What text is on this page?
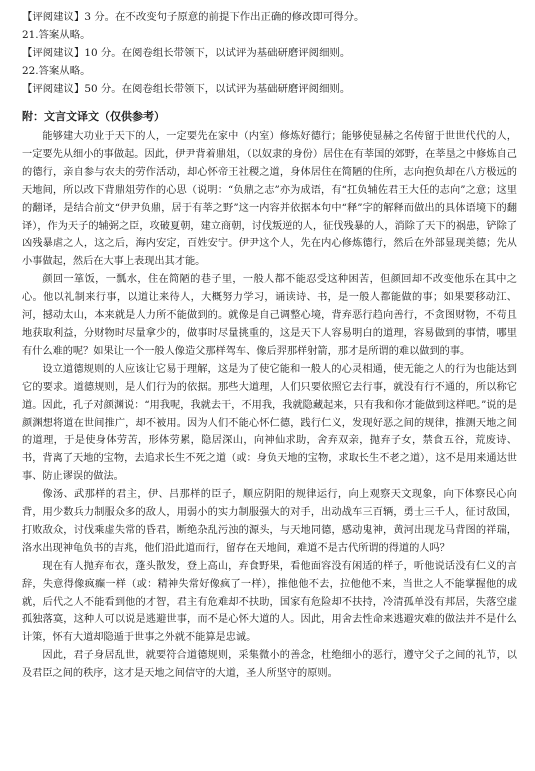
【评阅建议】3 分。在不改变句子原意的前提下作出正确的修改即可得分。

21.答案从略。

【评阅建议】10 分。在阅卷组长带领下，以试评为基础研磨评阅细则。

22.答案从略。

【评阅建议】50 分。在阅卷组长带领下，以试评为基础研磨评阅细则。

附：文言文译文（仅供参考）

能够建大功业于天下的人，一定要先在家中（内室）修炼好德行；能够使显赫之名传留于世世代代的人，一定要先从细小的事做起。因此，伊尹背着鼎俎，（以奴隶的身份）居住在有莘国的郊野，在莘垦之中修炼自己的德行，亲自参与农夫的劳作活动，却心怀帝王社稷之道，身体居住在简陋的住所，志向抱负却在八方极远的天地间，所以改下背鼎俎劳作的心思（说明：“负鼎之志”亦为成语，有“扛负辅佐君王大任的志向”之意；这里的翻译，是结合前文“伊尹负鼎，居于有莘之野”这一内容并依据本句中“释”字的解释而做出的具体语境下的翻译），作为天子的辅弼之臣，攻破夏朝，建立商朝，讨伐叛逆的人，征伐残暴的人，消除了天下的祸患，铲除了凶残暴虐之人，这之后，海内安定，百姓安宁。伊尹这个人，先在内心修炼德行，然后在外部显现美德；先从小事做起，然后在大事上表现出其才能。

颜回一箪饭，一瓢水，住在简陋的巷子里，一般人都不能忍受这种困苦，但颜回却不改变他乐在其中之心。他以礼制来行事，以道让来待人，大概努力学习，诵读诗、书，是一般人都能做的事；如果要移动江、河，撼动太山，本来就是人力所不能做到的。就像是自己调整心境，背弃恶行趋向善行，不贪图财物，不苟且地获取利益，分财物时尽量拿少的，做事时尽量挑重的，这是天下人容易明白的道理，容易做到的事情，哪里有什么难的呢？如果让一个一般人像造父那样驾车、像后羿那样射箭，那才是所谓的难以做到的事。

设立道德规则的人应该让它易于理解，这是为了使它能和一般人的心灵相通，使无能之人的行为也能达到它的要求。道德规则，是人们行为的依据。那些大道理，人们只要依照它去行事，就没有行不通的，所以称它道。因此，孔子对颜渊说：“用我呢，我就去干，不用我，我就隐藏起来，只有我和你才能做到这样吧。”说的是颜渊想将道在世间推广，却不被用。因为人们不能心怀仁德，践行仁义，发现好恶之间的规律，推测天地之间的道理，于是使身体劳苦，形体劳累，隐居深山，向神仙求助，舍弃双亲，抛弃子女，禁食五谷，荒废诗、书，背离了天地的宝物，去追求长生不死之道（或：身负天地的宝物，求取长生不老之道），这不是用来通达世事、防止谬误的做法。

像汤、武那样的君主，伊、吕那样的臣子，顺应阴阳的规律运行，向上观察天文现象，向下体察民心向背，用少数兵力制服众多的敌人，用弱小的实力制服强大的对手，出动战车三百辆，勇士三千人，征讨敌国，打败敌众，讨伐乘虚失常的昏君，断绝杂乱污浊的源头，与天地同德，感动鬼神，黄河出现龙马背图的祥瑞，洛水出现神龟负书的吉兆，他们沿此道而行，留存在天地间，难道不是古代所谓的得道的人吗？

现在有人抛弃布衣，蓬头散发，登上高山，弃食野果，看他面容没有闲适的样子，听他说话没有仁义的言辞，失意得像疯癫一样（或：精神失常好像疯了一样），推他他不去，拉他他不来，当世之人不能掌握他的成就，后代之人不能看到他的才智，君主有危难却不扶助，国家有危险却不扶持，冷清孤单没有邦居，失落空虚孤独落寞，这种人可以说是逃避世事，而不是心怀大道的人。因此，用舍去性命来逃避灾难的做法并不是什么计策，怀有大道却隐遁于世事之外就不能算是忠诚。

因此，君子身居乱世，就要符合道德规则，采集微小的善念，杜绝细小的恶行，遵守父子之间的礼节，以及君臣之间的秩序，这才是天地之间信守的大道，圣人所坚守的原则。
